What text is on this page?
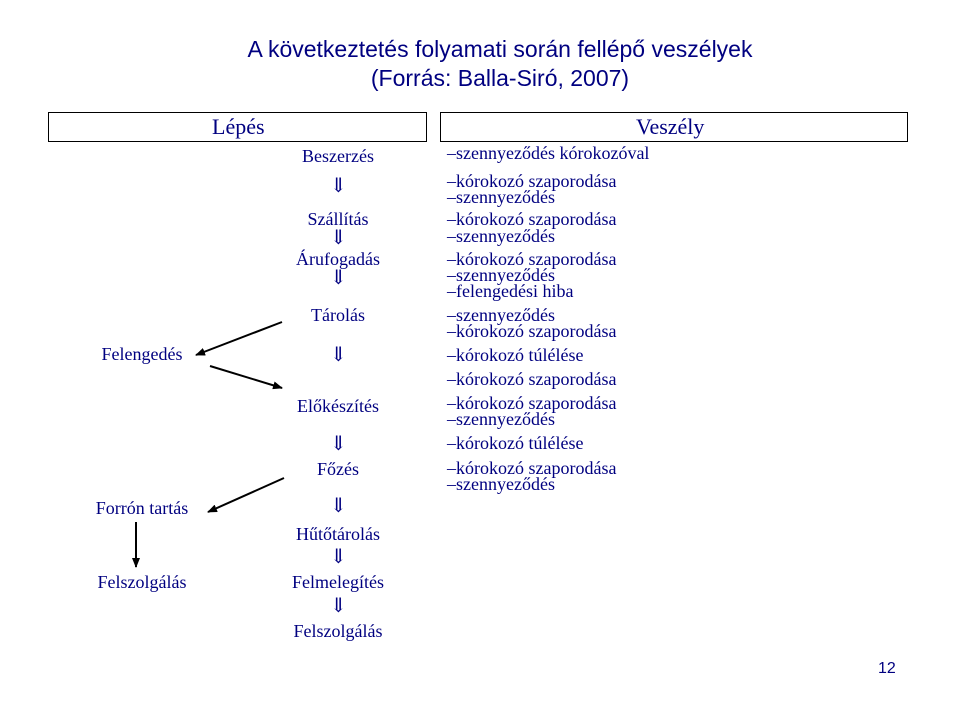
A következtetés folyamati során fellépő veszélyek
(Forrás: Balla-Siró, 2007)
Lépés	Veszély
Beszerzés
⇓
Szállítás
⇓
Árufogadás
⇓
Tárolás
⇓
Előkészítés
⇓
Főzés
⇓
Hűtőtárolás
⇓
Felmelegítés
⇓
Felszolgálás
Felengedés
Forrón tartás
Felszolgálás
–szennyeződés kórokozóval
–kórokozó szaporodása
–szennyeződés
–kórokozó szaporodása
–szennyeződés
–kórokozó szaporodása
–szennyeződés
–felengedési hiba
–szennyeződés
–kórokozó szaporodása
–kórokozó túlélése
–kórokozó szaporodása
–kórokozó szaporodása
–szennyeződés
–kórokozó túlélése
–kórokozó szaporodása
–szennyeződés
12
